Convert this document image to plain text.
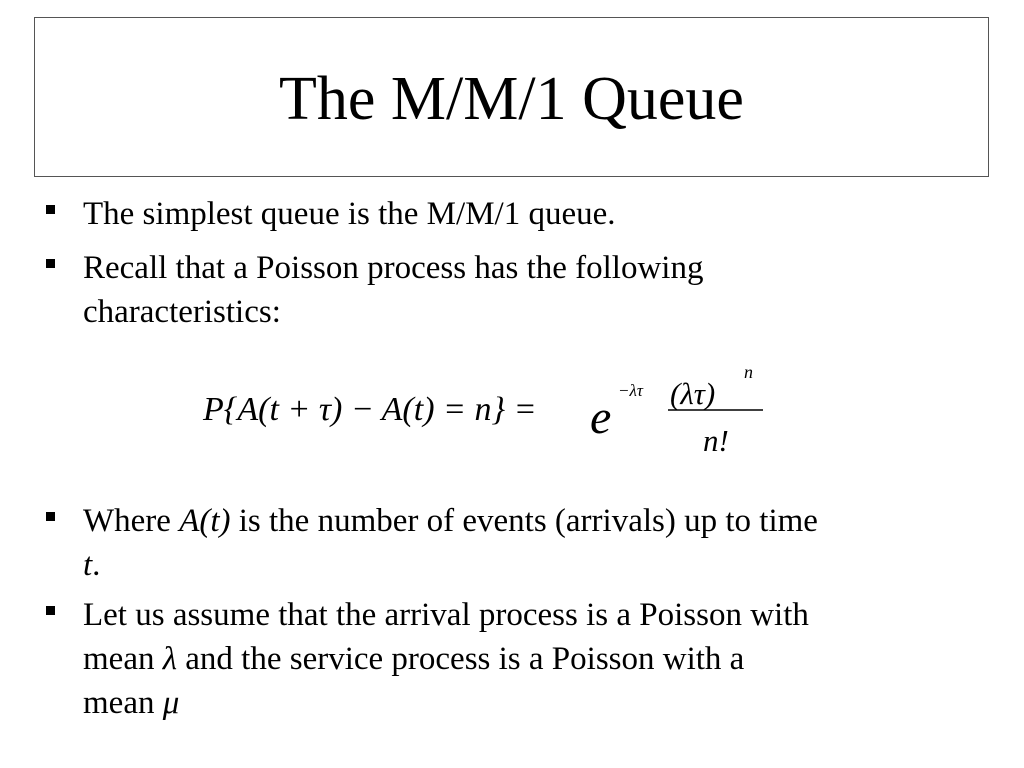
The M/M/1 Queue
The simplest queue is the M/M/1 queue.
Recall that a Poisson process has the following
characteristics:
P{A(t + τ) − A(t) = n} = e
−λτ (λτ)
n
n!
Where A(t) is the number of events (arrivals) up to time
t.
Let us assume that the arrival process is a Poisson with
mean λ and the service process is a Poisson with a
mean μ
